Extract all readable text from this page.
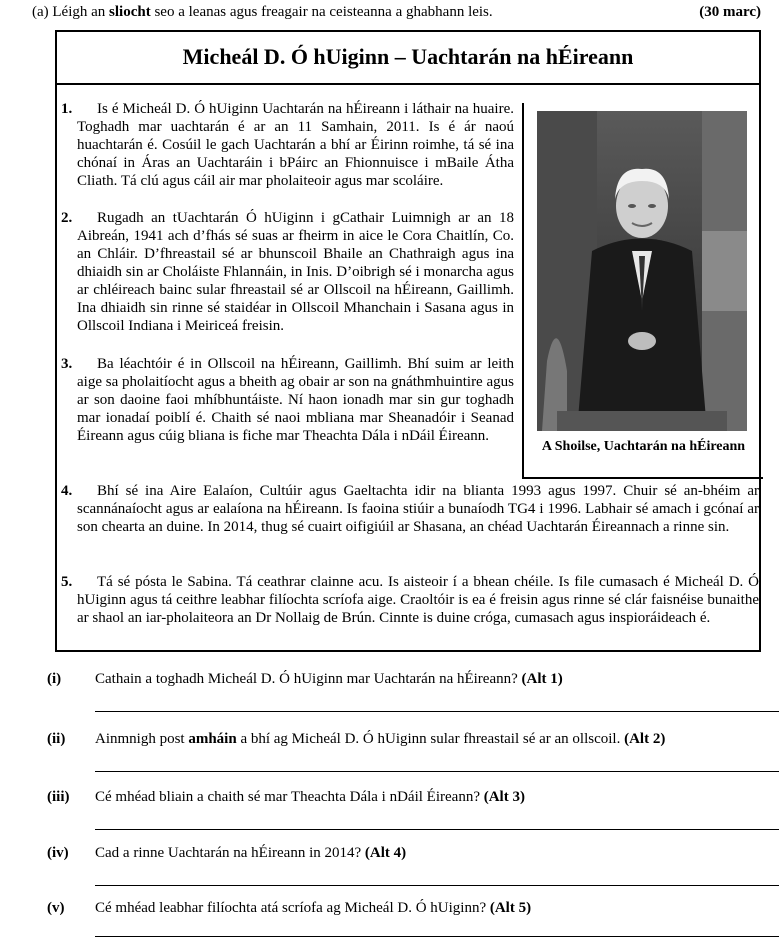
(a) Léigh an sliocht seo a leanas agus freagair na ceisteanna a ghabhann leis.	(30 marc)
Micheál D. Ó hUiginn – Uachtarán na hÉireann
1.	Is é Micheál D. Ó hUiginn Uachtarán na hÉireann i láthair na huaire. Toghadh mar uachtarán é ar an 11 Samhain, 2011. Is é ár naoú huachtarán é. Cosúil le gach Uachtarán a bhí ar Éirinn roimhe, tá sé ina chónaí in Áras an Uachtaráin i bPáirc an Fhionnuisce i mBaile Átha Cliath. Tá clú agus cáil air mar pholaiteoir agus mar scoláire.
2.	Rugadh an tUachtarán Ó hUiginn i gCathair Luimnigh ar an 18 Aibreán, 1941 ach d’fhás sé suas ar fheirm in aice le Cora Chaitlín, Co. an Chláir. D’fhreastail sé ar bhunscoil Bhaile an Chathraigh agus ina dhiaidh sin ar Choláiste Fhlannáin, in Inis. D’oibrigh sé i monarcha agus ar chléireach bainc sular fhreastail sé ar Ollscoil na hÉireann, Gaillimh. Ina dhiaidh sin rinne sé staidéar in Ollscoil Mhanchain i Sasana agus in Ollscoil Indiana i Meiriceá freisin.
3.	Ba léachtóir é in Ollscoil na hÉireann, Gaillimh. Bhí suim ar leith aige sa pholaitíocht agus a bheith ag obair ar son na gnáthmhuintire agus ar son daoine faoi mhíbhuntáiste. Ní haon ionadh mar sin gur toghadh mar ionadaí poiblí é. Chaith sé naoi mbliana mar Sheanadóir i Seanad Éireann agus cúig bliana is fiche mar Theachta Dála i nDáil Éireann.
4.	Bhí sé ina Aire Ealaíon, Cultúir agus Gaeltachta idir na blianta 1993 agus 1997. Chuir sé an-bhéim ar scannánaíocht agus ar ealaíona na hÉireann. Is faoina stiúir a bunaíodh TG4 i 1996. Labhair sé amach i gcónaí ar son chearta an duine. In 2014, thug sé cuairt oifigiúil ar Shasana, an chéad Uachtarán Éireannach a rinne sin.
5.	Tá sé pósta le Sabina. Tá ceathrar clainne acu. Is aisteoir í a bhean chéile. Is file cumasach é Micheál D. Ó hUiginn agus tá ceithre leabhar filíochta scríofa aige. Craoltóir is ea é freisin agus rinne sé clár faisnéise bunaithe ar shaol an iar-pholaiteora an Dr Nollaig de Brún. Cinnte is duine cróga, cumasach agus inspioráideach é.
A Shoilse, Uachtarán na hÉireann
(i) Cathain a toghadh Micheál D. Ó hUiginn mar Uachtarán na hÉireann? (Alt 1)
(ii) Ainmnigh post amháin a bhí ag Micheál D. Ó hUiginn sular fhreastail sé ar an ollscoil. (Alt 2)
(iii) Cé mhéad bliain a chaith sé mar Theachta Dála i nDáil Éireann? (Alt 3)
(iv) Cad a rinne Uachtarán na hÉireann in 2014? (Alt 4)
(v) Cé mhéad leabhar filíochta atá scríofa ag Micheál D. Ó hUiginn? (Alt 5)
